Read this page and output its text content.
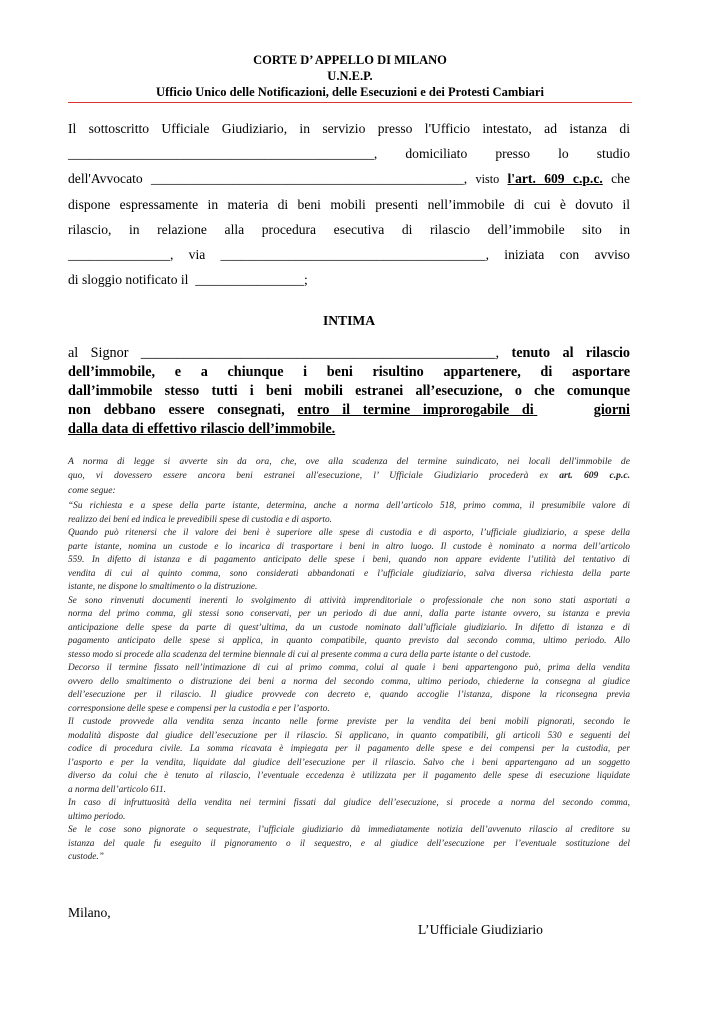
CORTE D’ APPELLO DI MILANO
U.N.E.P.
Ufficio Unico delle Notificazioni, delle Esecuzioni e dei Protesti Cambiari
Il sottoscritto Ufficiale Giudiziario, in servizio presso l'Ufficio intestato, ad istanza di
_____________________________________________, domiciliato presso lo studio
dell'Avvocato ______________________________________________, visto l'art. 609 c.p.c. che
dispone espressamente in materia di beni mobili presenti nell’immobile di cui è dovuto il
rilascio, in relazione alla procedura esecutiva di rilascio dell’immobile sito in
_______________, via _______________________________________, iniziata con avviso
di sloggio notificato il ________________;
INTIMA
al Signor __________________________________________________, tenuto al rilascio
dell’immobile, e a chiunque i beni risultino appartenere, di asportare
dall’immobile stesso tutti i beni mobili estranei all’esecuzione, o che comunque
non debbano essere consegnati, entro il termine improrogabile di	giorni
dalla data di effettivo rilascio dell’immobile.
A norma di legge si avverte sin da ora, che, ove alla scadenza del termine suindicato, nei locali dell'immobile de
quo, vi dovessero essere ancora beni estranei all'esecuzione, l’ Ufficiale Giudiziario procederà ex art. 609 c.p.c.
come segue:
“Su richiesta e a spese della parte istante, determina, anche a norma dell’articolo 518, primo comma, il presumibile valore di
realizzo dei beni ed indica le prevedibili spese di custodia e di asporto.
Quando può ritenersi che il valore dei beni è superiore alle spese di custodia e di asporto, l’ufficiale giudiziario, a spese della
parte istante, nomina un custode e lo incarica di trasportare i beni in altro luogo. Il custode è nominato a norma dell’articolo
559. In difetto di istanza e di pagamento anticipato delle spese i beni, quando non appare evidente l’utilità del tentativo di
vendita di cui al quinto comma, sono considerati abbandonati e l’ufficiale giudiziario, salva diversa richiesta della parte
istante, ne dispone lo smaltimento o la distruzione.
Se sono rinvenuti documenti inerenti lo svolgimento di attività imprenditoriale o professionale che non sono stati asportati a
norma del primo comma, gli stessi sono conservati, per un periodo di due anni, dalla parte istante ovvero, su istanza e previa
anticipazione delle spese da parte di quest’ultima, da un custode nominato dall’ufficiale giudiziario. In difetto di istanza e di
pagamento anticipato delle spese si applica, in quanto compatibile, quanto previsto dal secondo comma, ultimo periodo. Allo
stesso modo si procede alla scadenza del termine biennale di cui al presente comma a cura della parte istante o del custode.
Decorso il termine fissato nell’intimazione di cui al primo comma, colui al quale i beni appartengono può, prima della vendita
ovvero dello smaltimento o distruzione dei beni a norma del secondo comma, ultimo periodo, chiederne la consegna al giudice
dell’esecuzione per il rilascio. Il giudice provvede con decreto e, quando accoglie l’istanza, dispone la riconsegna previa
corresponsione delle spese e compensi per la custodia e per l’asporto.
Il custode provvede alla vendita senza incanto nelle forme previste per la vendita dei beni mobili pignorati, secondo le
modalità disposte dal giudice dell’esecuzione per il rilascio. Si applicano, in quanto compatibili, gli articoli 530 e seguenti del
codice di procedura civile. La somma ricavata è impiegata per il pagamento delle spese e dei compensi per la custodia, per
l’asporto e per la vendita, liquidate dal giudice dell’esecuzione per il rilascio. Salvo che i beni appartengano ad un soggetto
diverso da colui che è tenuto al rilascio, l’eventuale eccedenza è utilizzata per il pagamento delle spese di esecuzione liquidate
a norma dell’articolo 611.
In caso di infruttuosità della vendita nei termini fissati dal giudice dell’esecuzione, si procede a norma del secondo comma,
ultimo periodo.
Se le cose sono pignorate o sequestrate, l’ufficiale giudiziario dà immediatamente notizia dell’avvenuto rilascio al creditore su
istanza del quale fu eseguito il pignoramento o il sequestro, e al giudice dell’esecuzione per l’eventuale sostituzione del
custode.”
Milano,
L’Ufficiale Giudiziario
